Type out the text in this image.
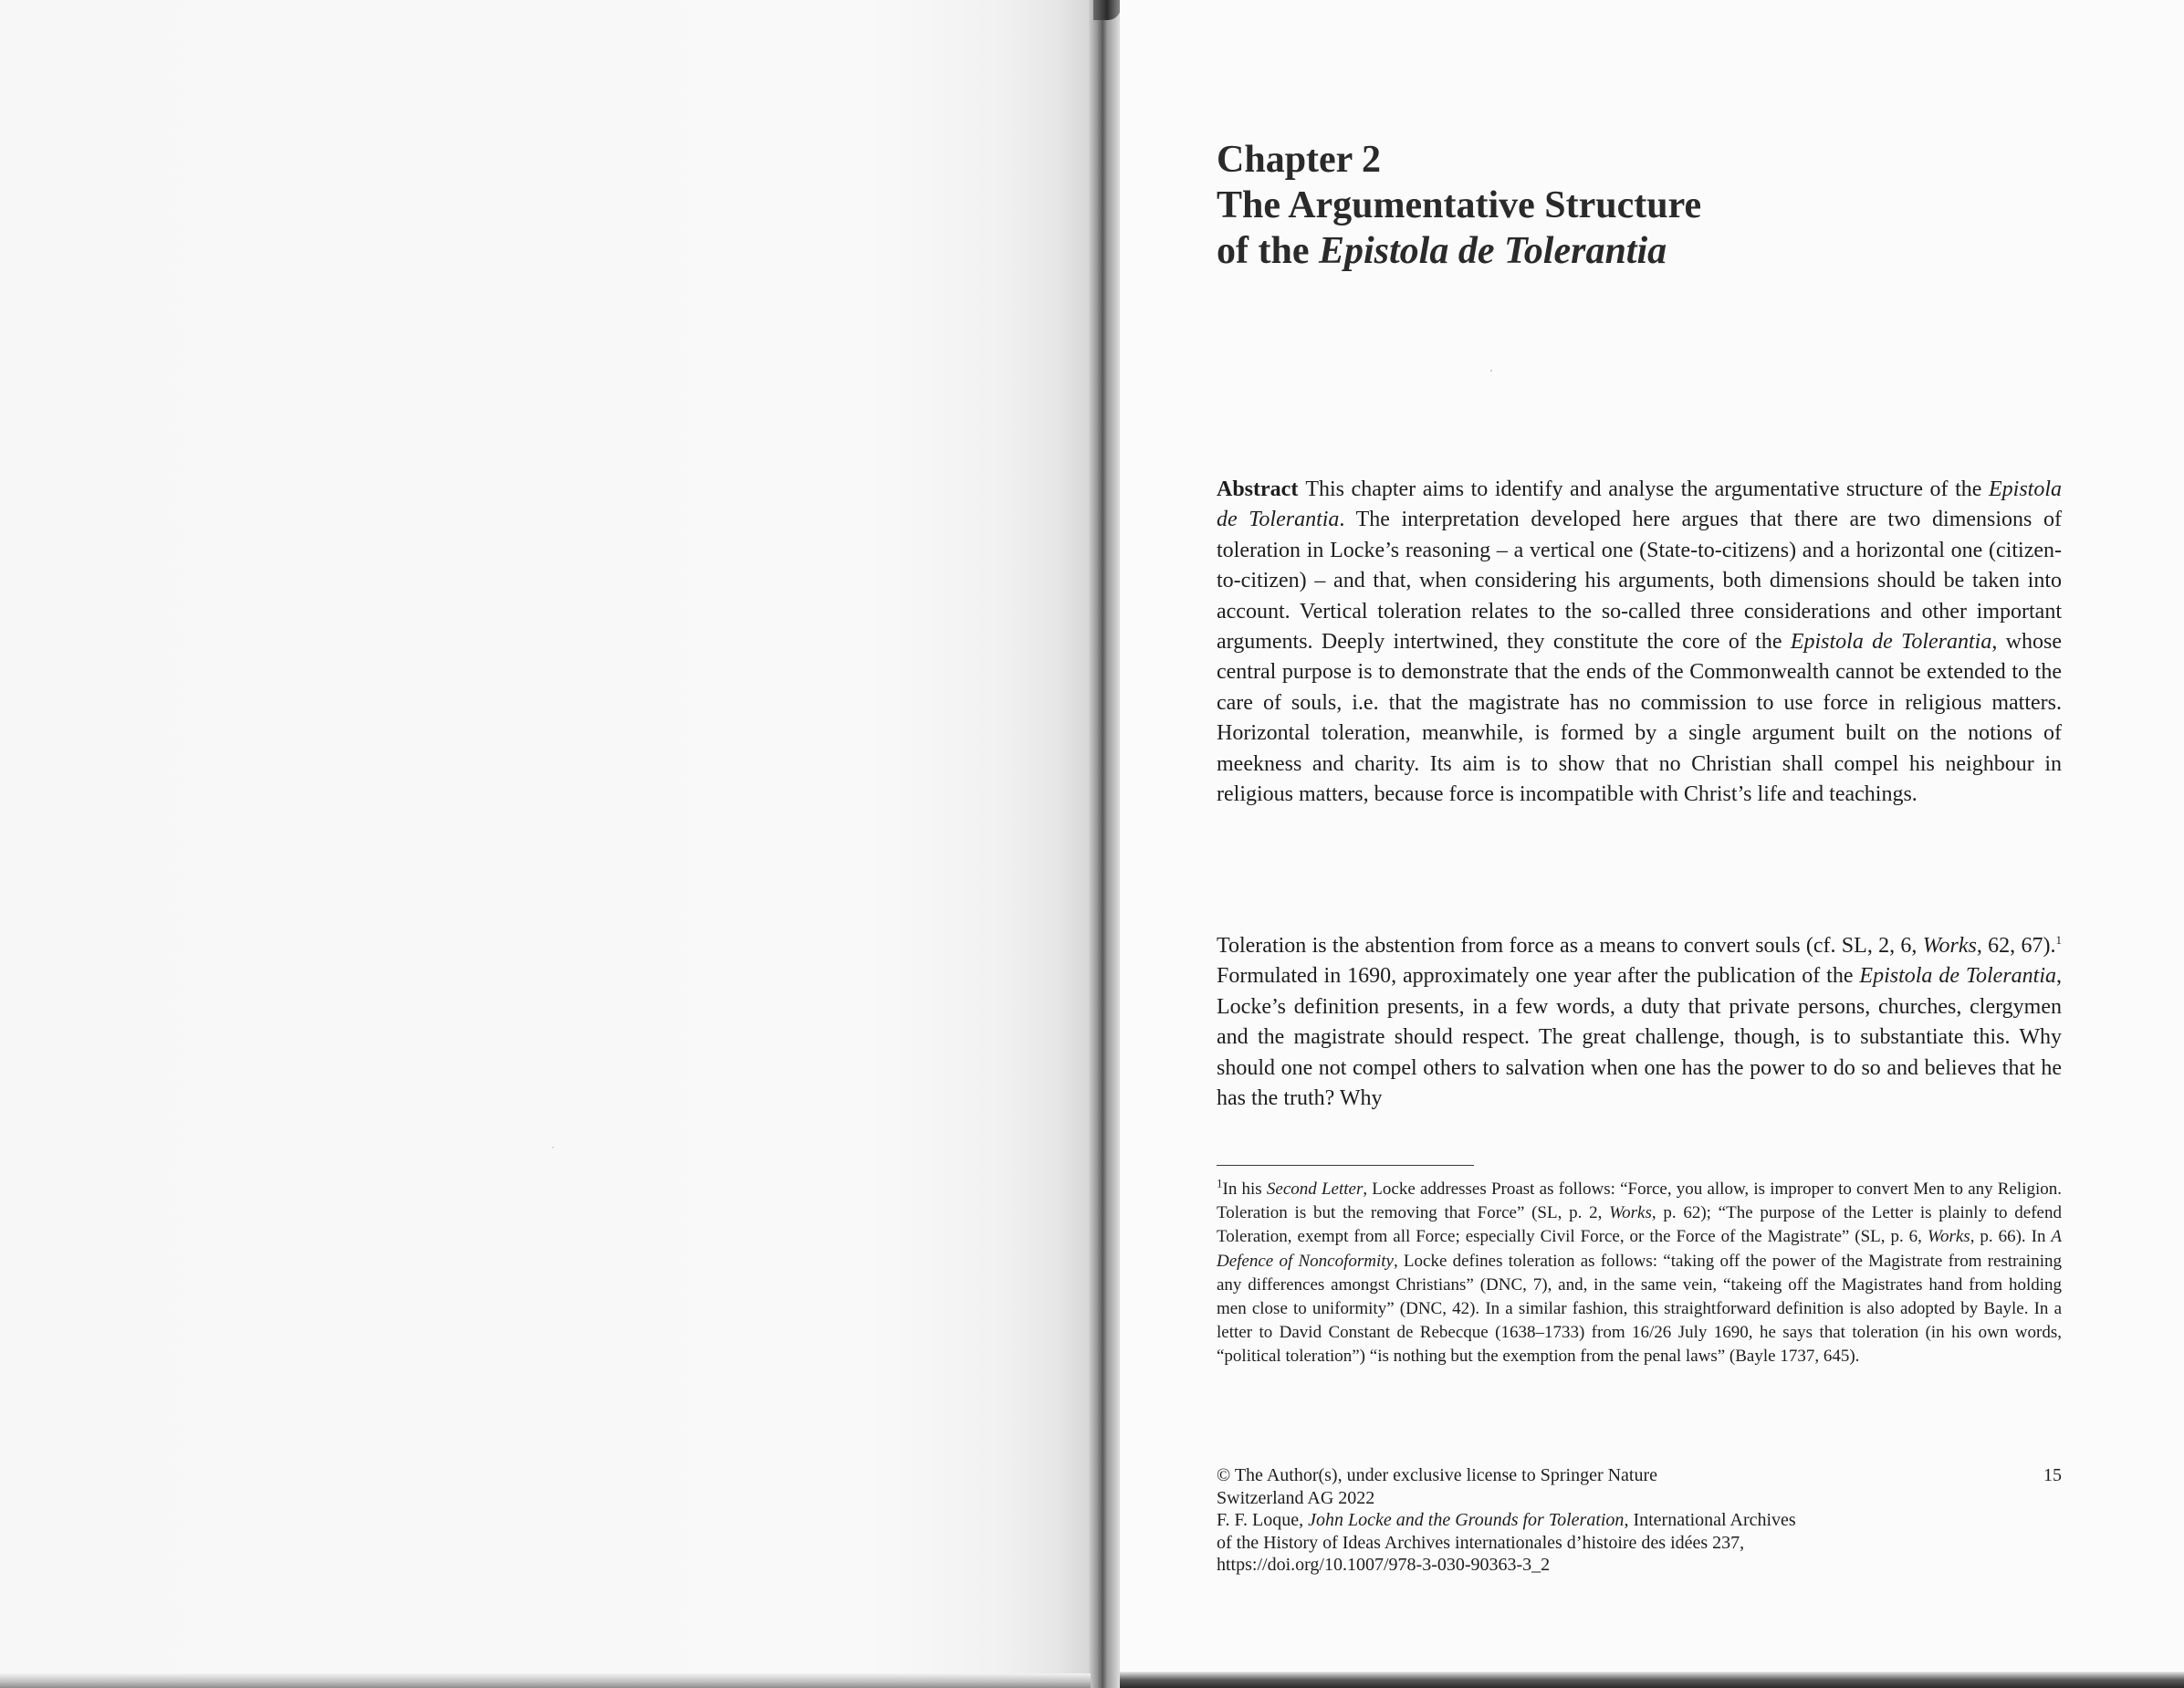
Chapter 2
The Argumentative Structure
of the Epistola de Tolerantia

Abstract This chapter aims to identify and analyse the argumentative structure of the Epistola de Tolerantia. The interpretation developed here argues that there are two dimensions of toleration in Locke’s reasoning – a vertical one (State-to-citizens) and a horizontal one (citizen-to-citizen) – and that, when considering his arguments, both dimensions should be taken into account. Vertical toleration relates to the so-called three considerations and other important arguments. Deeply intertwined, they constitute the core of the Epistola de Tolerantia, whose central purpose is to demonstrate that the ends of the Commonwealth cannot be extended to the care of souls, i.e. that the magistrate has no commission to use force in religious matters. Horizontal toleration, meanwhile, is formed by a single argument built on the notions of meekness and charity. Its aim is to show that no Christian shall compel his neighbour in religious matters, because force is incompatible with Christ’s life and teachings.

Toleration is the abstention from force as a means to convert souls (cf. SL, 2, 6, Works, 62, 67).$^1$ Formulated in 1690, approximately one year after the publication of the Epistola de Tolerantia, Locke’s definition presents, in a few words, a duty that private persons, churches, clergymen and the magistrate should respect. The great challenge, though, is to substantiate this. Why should one not compel others to salvation when one has the power to do so and believes that he has the truth? Why

$^1$In his Second Letter, Locke addresses Proast as follows: “Force, you allow, is improper to convert Men to any Religion. Toleration is but the removing that Force” (SL, p. 2, Works, p. 62); “The purpose of the Letter is plainly to defend Toleration, exempt from all Force; especially Civil Force, or the Force of the Magistrate” (SL, p. 6, Works, p. 66). In A Defence of Noncoformity, Locke defines toleration as follows: “taking off the power of the Magistrate from restraining any differences amongst Christians” (DNC, 7), and, in the same vein, “takeing off the Magistrates hand from holding men close to uniformity” (DNC, 42). In a similar fashion, this straightforward definition is also adopted by Bayle. In a letter to David Constant de Rebecque (1638–1733) from 16/26 July 1690, he says that toleration (in his own words, “political toleration”) “is nothing but the exemption from the penal laws” (Bayle 1737, 645).

© The Author(s), under exclusive license to Springer Nature
Switzerland AG 2022
F. F. Loque, John Locke and the Grounds for Toleration, International Archives
of the History of Ideas Archives internationales d’histoire des idées 237,
https://doi.org/10.1007/978-3-030-90363-3_2
15
